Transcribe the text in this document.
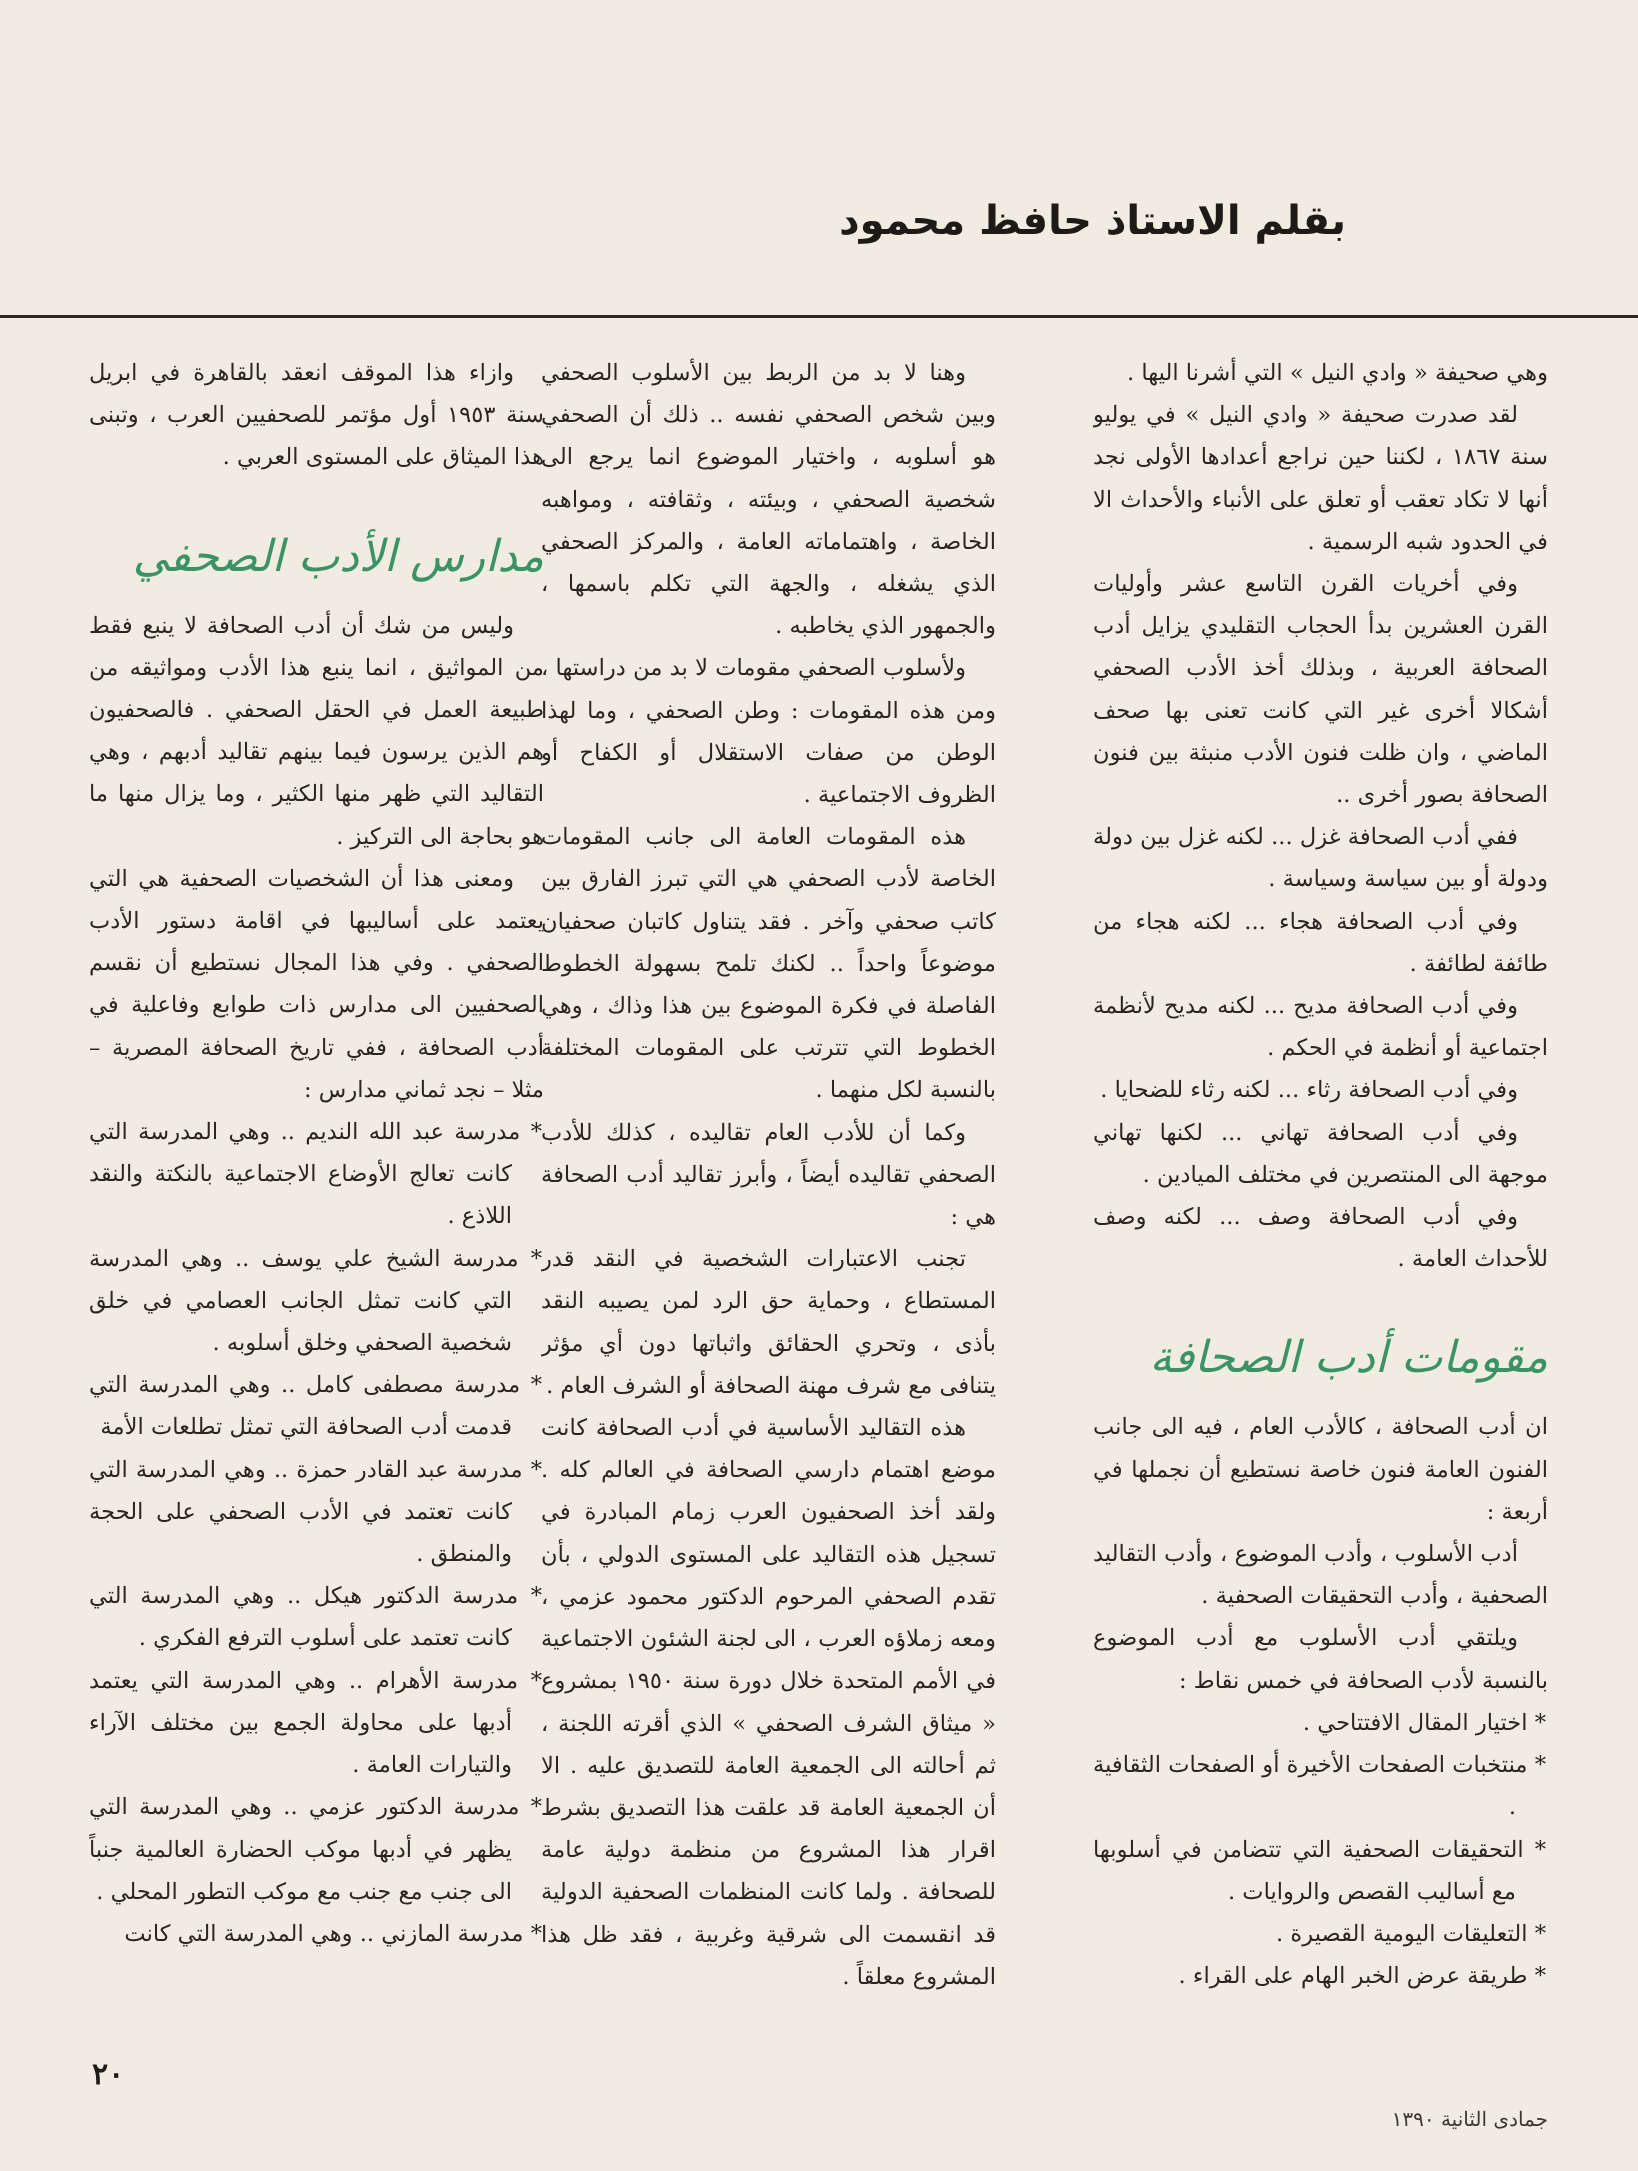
بقلم الاستاذ حافظ محمود

وهي صحيفة « وادي النيل » التي أشرنا اليها .

لقد صدرت صحيفة « وادي النيل » في يوليو سنة ١٨٦٧ ، لكننا حين نراجع أعدادها الأولى نجد أنها لا تكاد تعقب أو تعلق على الأنباء والأحداث الا في الحدود شبه الرسمية .

وفي أخريات القرن التاسع عشر وأوليات القرن العشرين بدأ الحجاب التقليدي يزايل أدب الصحافة العربية ، وبذلك أخذ الأدب الصحفي أشكالا أخرى غير التي كانت تعنى بها صحف الماضي ، وان ظلت فنون الأدب منبثة بين فنون الصحافة بصور أخرى ..

ففي أدب الصحافة غزل ... لكنه غزل بين دولة ودولة أو بين سياسة وسياسة .

وفي أدب الصحافة هجاء ... لكنه هجاء من طائفة لطائفة .

وفي أدب الصحافة مديح ... لكنه مديح لأنظمة اجتماعية أو أنظمة في الحكم .

وفي أدب الصحافة رثاء ... لكنه رثاء للضحايا .

وفي أدب الصحافة تهاني ... لكنها تهاني موجهة الى المنتصرين في مختلف الميادين .

وفي أدب الصحافة وصف ... لكنه وصف للأحداث العامة .

مقومات أدب الصحافة

ان أدب الصحافة ، كالأدب العام ، فيه الى جانب الفنون العامة فنون خاصة نستطيع أن نجملها في أربعة :

أدب الأسلوب ، وأدب الموضوع ، وأدب التقاليد الصحفية ، وأدب التحقيقات الصحفية .

ويلتقي أدب الأسلوب مع أدب الموضوع بالنسبة لأدب الصحافة في خمس نقاط :

* اختيار المقال الافتتاحي .

* منتخبات الصفحات الأخيرة أو الصفحات الثقافية .

* التحقيقات الصحفية التي تتضامن في أسلوبها مع أساليب القصص والروايات .

* التعليقات اليومية القصيرة .

* طريقة عرض الخبر الهام على القراء .

وهنا لا بد من الربط بين الأسلوب الصحفي وبين شخص الصحفي نفسه .. ذلك أن الصحفي هو أسلوبه ، واختيار الموضوع انما يرجع الى شخصية الصحفي ، وبيئته ، وثقافته ، ومواهبه الخاصة ، واهتماماته العامة ، والمركز الصحفي الذي يشغله ، والجهة التي تكلم باسمها ، والجمهور الذي يخاطبه .

ولأسلوب الصحفي مقومات لا بد من دراستها ، ومن هذه المقومات : وطن الصحفي ، وما لهذا الوطن من صفات الاستقلال أو الكفاح أو الظروف الاجتماعية .

هذه المقومات العامة الى جانب المقومات الخاصة لأدب الصحفي هي التي تبرز الفارق بين كاتب صحفي وآخر . فقد يتناول كاتبان صحفيان موضوعاً واحداً .. لكنك تلمح بسهولة الخطوط الفاصلة في فكرة الموضوع بين هذا وذاك ، وهي الخطوط التي تترتب على المقومات المختلفة بالنسبة لكل منهما .

وكما أن للأدب العام تقاليده ، كذلك للأدب الصحفي تقاليده أيضاً ، وأبرز تقاليد أدب الصحافة هي :

تجنب الاعتبارات الشخصية في النقد قدر المستطاع ، وحماية حق الرد لمن يصيبه النقد بأذى ، وتحري الحقائق واثباتها دون أي مؤثر يتنافى مع شرف مهنة الصحافة أو الشرف العام .

هذه التقاليد الأساسية في أدب الصحافة كانت موضع اهتمام دارسي الصحافة في العالم كله . ولقد أخذ الصحفيون العرب زمام المبادرة في تسجيل هذه التقاليد على المستوى الدولي ، بأن تقدم الصحفي المرحوم الدكتور محمود عزمي ، ومعه زملاؤه العرب ، الى لجنة الشئون الاجتماعية في الأمم المتحدة خلال دورة سنة ١٩٥٠ بمشروع « ميثاق الشرف الصحفي » الذي أقرته اللجنة ، ثم أحالته الى الجمعية العامة للتصديق عليه . الا أن الجمعية العامة قد علقت هذا التصديق بشرط اقرار هذا المشروع من منظمة دولية عامة للصحافة . ولما كانت المنظمات الصحفية الدولية قد انقسمت الى شرقية وغربية ، فقد ظل هذا المشروع معلقاً .

وازاء هذا الموقف انعقد بالقاهرة في ابريل سنة ١٩٥٣ أول مؤتمر للصحفيين العرب ، وتبنى هذا الميثاق على المستوى العربي .

مدارس الأدب الصحفي

وليس من شك أن أدب الصحافة لا ينبع فقط من المواثيق ، انما ينبع هذا الأدب ومواثيقه من طبيعة العمل في الحقل الصحفي . فالصحفيون هم الذين يرسون فيما بينهم تقاليد أدبهم ، وهي التقاليد التي ظهر منها الكثير ، وما يزال منها ما هو بحاجة الى التركيز .

ومعنى هذا أن الشخصيات الصحفية هي التي يعتمد على أساليبها في اقامة دستور الأدب الصحفي . وفي هذا المجال نستطيع أن نقسم الصحفيين الى مدارس ذات طوابع وفاعلية في أدب الصحافة ، ففي تاريخ الصحافة المصرية – مثلا – نجد ثماني مدارس :

* مدرسة عبد الله النديم .. وهي المدرسة التي كانت تعالج الأوضاع الاجتماعية بالنكتة والنقد اللاذع .

* مدرسة الشيخ علي يوسف .. وهي المدرسة التي كانت تمثل الجانب العصامي في خلق شخصية الصحفي وخلق أسلوبه .

* مدرسة مصطفى كامل .. وهي المدرسة التي قدمت أدب الصحافة التي تمثل تطلعات الأمة

* مدرسة عبد القادر حمزة .. وهي المدرسة التي كانت تعتمد في الأدب الصحفي على الحجة والمنطق .

* مدرسة الدكتور هيكل .. وهي المدرسة التي كانت تعتمد على أسلوب الترفع الفكري .

* مدرسة الأهرام .. وهي المدرسة التي يعتمد أدبها على محاولة الجمع بين مختلف الآراء والتيارات العامة .

* مدرسة الدكتور عزمي .. وهي المدرسة التي يظهر في أدبها موكب الحضارة العالمية جنباً الى جنب مع جنب مع موكب التطور المحلي .

* مدرسة المازني .. وهي المدرسة التي كانت

٢٠
جمادى الثانية ١٣٩٠
